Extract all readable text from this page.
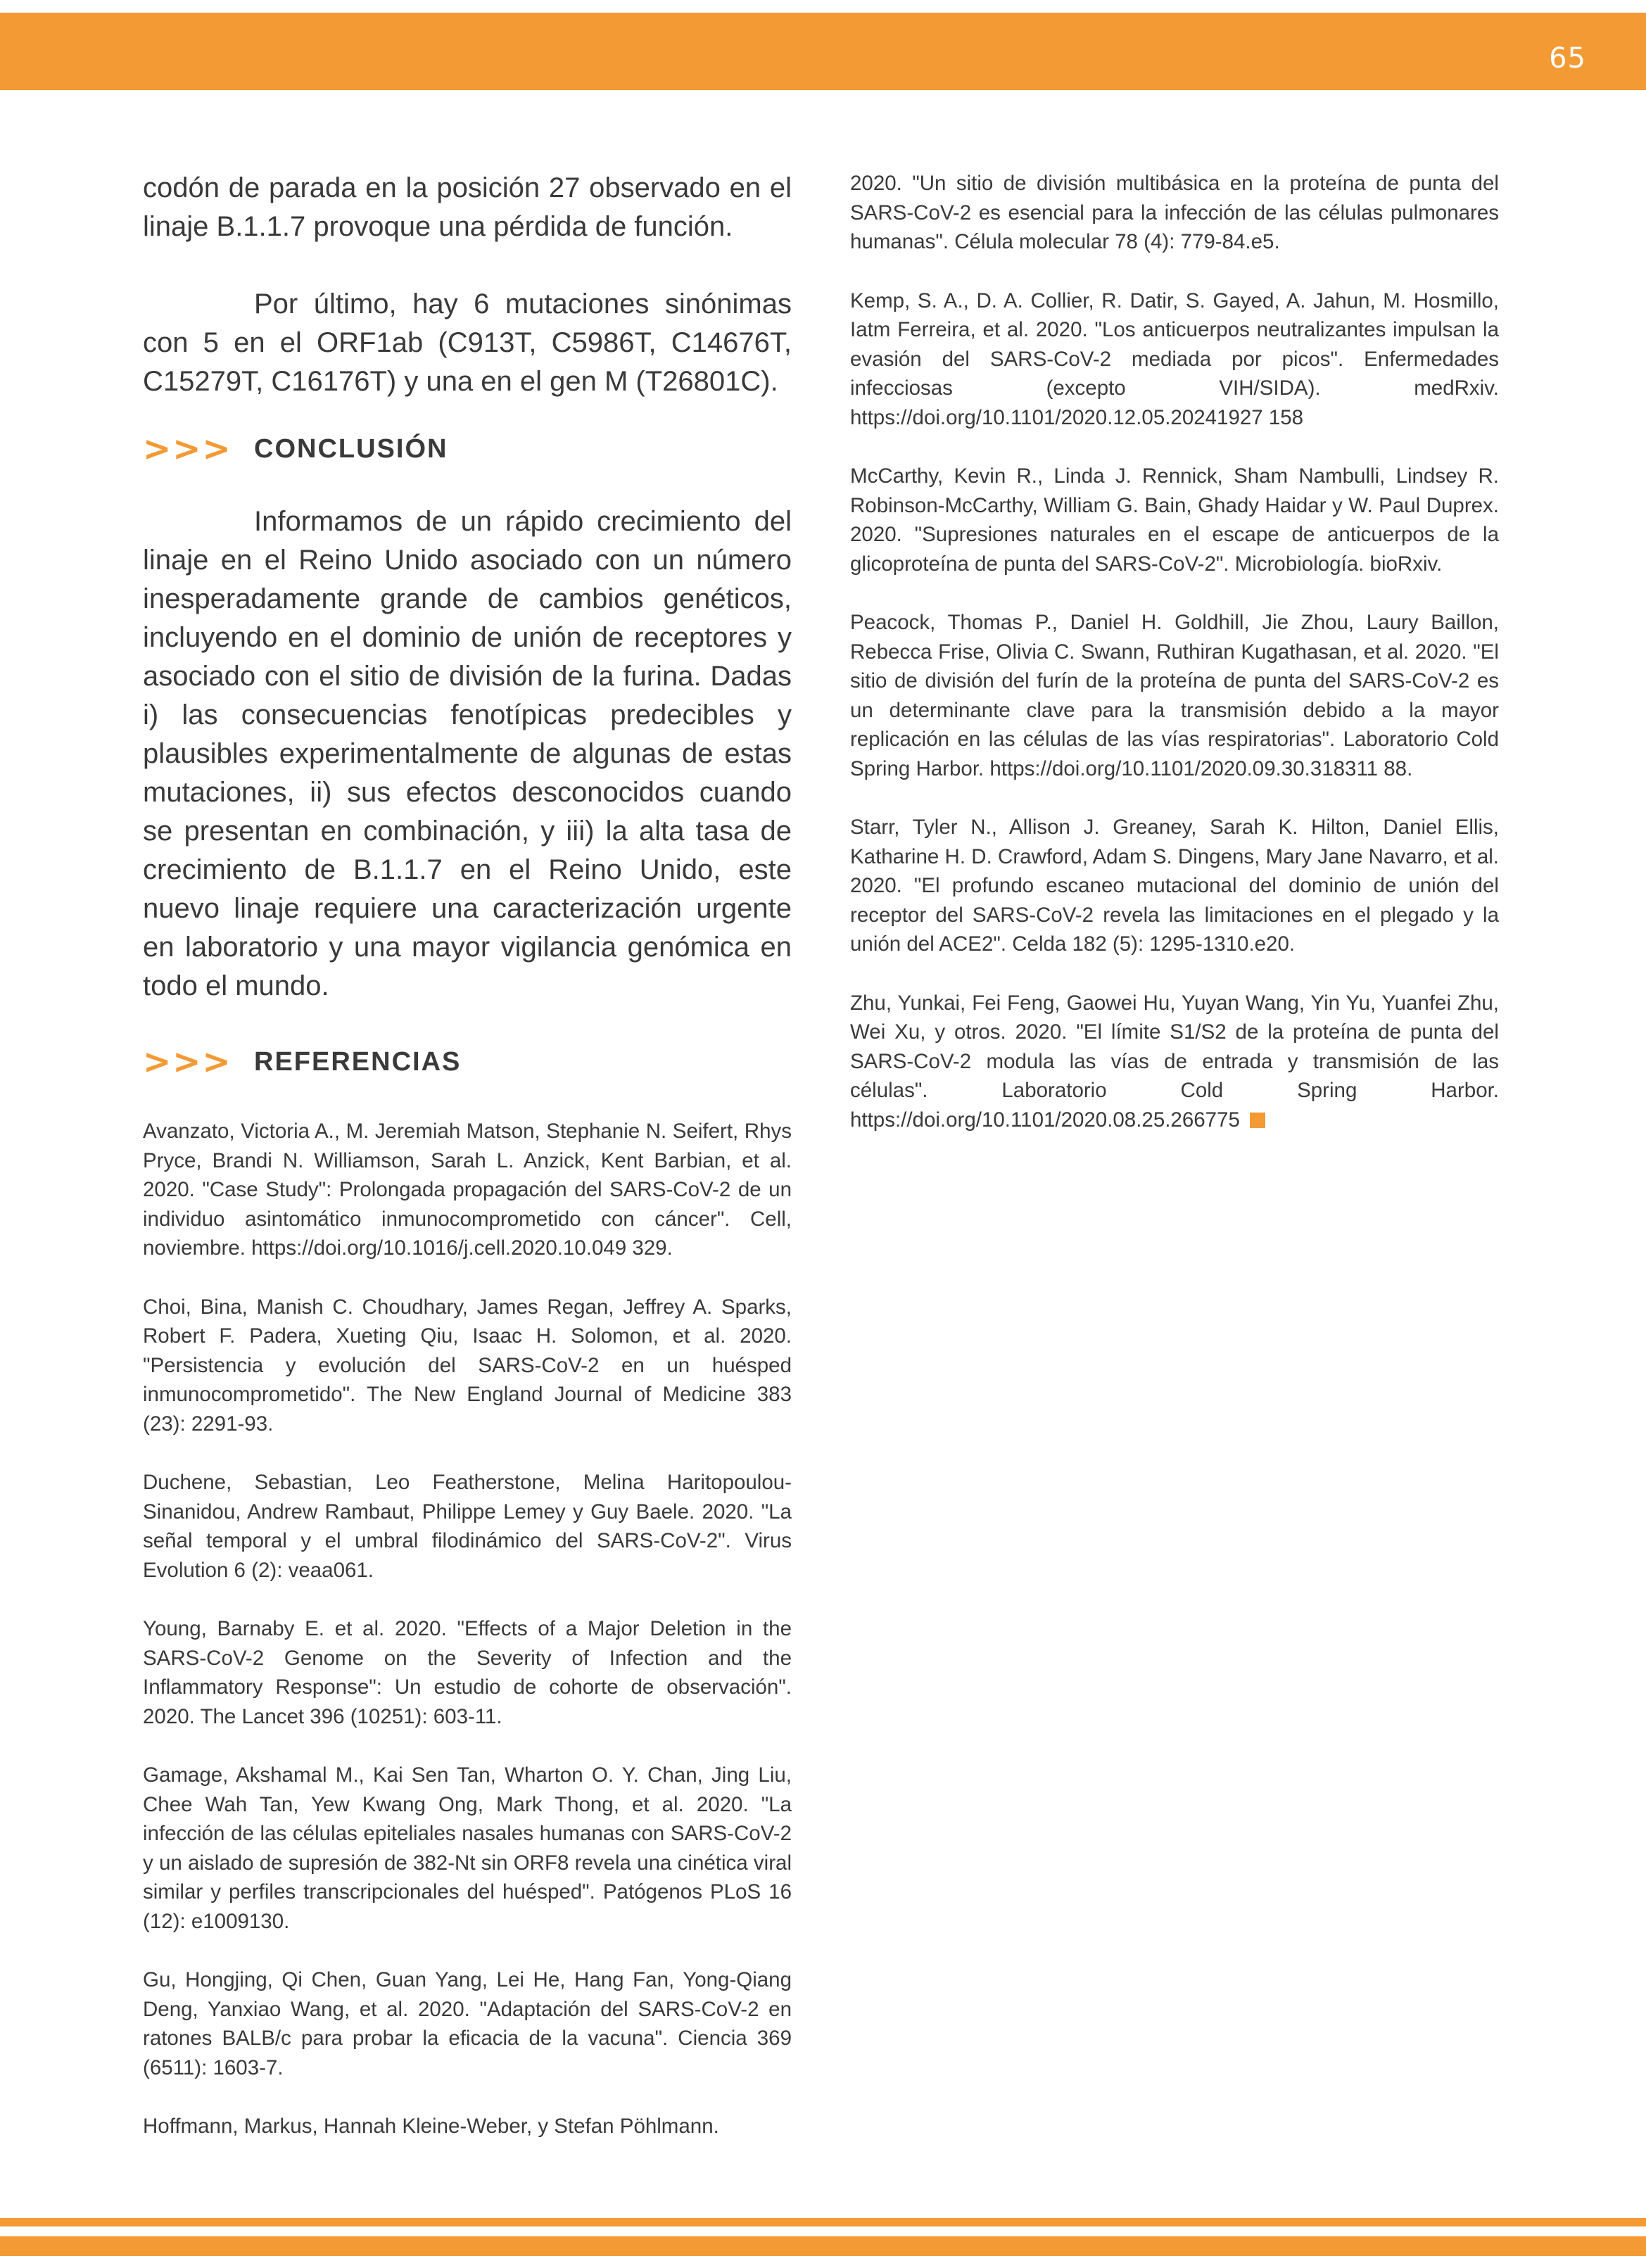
65

codón de parada en la posición 27 observado en el linaje B.1.1.7 provoque una pérdida de función.

Por último, hay 6 mutaciones sinónimas con 5 en el ORF1ab (C913T, C5986T, C14676T, C15279T, C16176T) y una en el gen M (T26801C).

>>> CONCLUSIÓN

Informamos de un rápido crecimiento del linaje en el Reino Unido asociado con un número inesperadamente grande de cambios genéticos, incluyendo en el dominio de unión de receptores y asociado con el sitio de división de la furina. Dadas i) las consecuencias fenotípicas predecibles y plausibles experimentalmente de algunas de estas mutaciones, ii) sus efectos desconocidos cuando se presentan en combinación, y iii) la alta tasa de crecimiento de B.1.1.7 en el Reino Unido, este nuevo linaje requiere una caracterización urgente en laboratorio y una mayor vigilancia genómica en todo el mundo.

>>> REFERENCIAS

Avanzato, Victoria A., M. Jeremiah Matson, Stephanie N. Seifert, Rhys Pryce, Brandi N. Williamson, Sarah L. Anzick, Kent Barbian, et al. 2020. "Case Study": Prolongada propagación del SARS-CoV-2 de un individuo asintomático inmunocomprometido con cáncer". Cell, noviembre. https://doi.org/10.1016/j.cell.2020.10.049 329.

Choi, Bina, Manish C. Choudhary, James Regan, Jeffrey A. Sparks, Robert F. Padera, Xueting Qiu, Isaac H. Solomon, et al. 2020. "Persistencia y evolución del SARS-CoV-2 en un huésped inmunocomprometido". The New England Journal of Medicine 383 (23): 2291-93.

Duchene, Sebastian, Leo Featherstone, Melina Haritopoulou-Sinanidou, Andrew Rambaut, Philippe Lemey y Guy Baele. 2020. "La señal temporal y el umbral filodinámico del SARS-CoV-2". Virus Evolution 6 (2): veaa061.

Young, Barnaby E. et al. 2020. "Effects of a Major Deletion in the SARS-CoV-2 Genome on the Severity of Infection and the Inflammatory Response": Un estudio de cohorte de observación". 2020. The Lancet 396 (10251): 603-11.

Gamage, Akshamal M., Kai Sen Tan, Wharton O. Y. Chan, Jing Liu, Chee Wah Tan, Yew Kwang Ong, Mark Thong, et al. 2020. "La infección de las células epiteliales nasales humanas con SARS-CoV-2 y un aislado de supresión de 382-Nt sin ORF8 revela una cinética viral similar y perfiles transcripcionales del huésped". Patógenos PLoS 16 (12): e1009130.

Gu, Hongjing, Qi Chen, Guan Yang, Lei He, Hang Fan, Yong-Qiang Deng, Yanxiao Wang, et al. 2020. "Adaptación del SARS-CoV-2 en ratones BALB/c para probar la eficacia de la vacuna". Ciencia 369 (6511): 1603-7.

Hoffmann, Markus, Hannah Kleine-Weber, y Stefan Pöhlmann.

2020. "Un sitio de división multibásica en la proteína de punta del SARS-CoV-2 es esencial para la infección de las células pulmonares humanas". Célula molecular 78 (4): 779-84.e5.

Kemp, S. A., D. A. Collier, R. Datir, S. Gayed, A. Jahun, M. Hosmillo, Iatm Ferreira, et al. 2020. "Los anticuerpos neutralizantes impulsan la evasión del SARS-CoV-2 mediada por picos". Enfermedades infecciosas (excepto VIH/SIDA). medRxiv. https://doi.org/10.1101/2020.12.05.20241927 158

McCarthy, Kevin R., Linda J. Rennick, Sham Nambulli, Lindsey R. Robinson-McCarthy, William G. Bain, Ghady Haidar y W. Paul Duprex. 2020. "Supresiones naturales en el escape de anticuerpos de la glicoproteína de punta del SARS-CoV-2". Microbiología. bioRxiv.

Peacock, Thomas P., Daniel H. Goldhill, Jie Zhou, Laury Baillon, Rebecca Frise, Olivia C. Swann, Ruthiran Kugathasan, et al. 2020. "El sitio de división del furín de la proteína de punta del SARS-CoV-2 es un determinante clave para la transmisión debido a la mayor replicación en las células de las vías respiratorias". Laboratorio Cold Spring Harbor. https://doi.org/10.1101/2020.09.30.318311 88.

Starr, Tyler N., Allison J. Greaney, Sarah K. Hilton, Daniel Ellis, Katharine H. D. Crawford, Adam S. Dingens, Mary Jane Navarro, et al. 2020. "El profundo escaneo mutacional del dominio de unión del receptor del SARS-CoV-2 revela las limitaciones en el plegado y la unión del ACE2". Celda 182 (5): 1295-1310.e20.

Zhu, Yunkai, Fei Feng, Gaowei Hu, Yuyan Wang, Yin Yu, Yuanfei Zhu, Wei Xu, y otros. 2020. "El límite S1/S2 de la proteína de punta del SARS-CoV-2 modula las vías de entrada y transmisión de las células". Laboratorio Cold Spring Harbor. https://doi.org/10.1101/2020.08.25.266775
